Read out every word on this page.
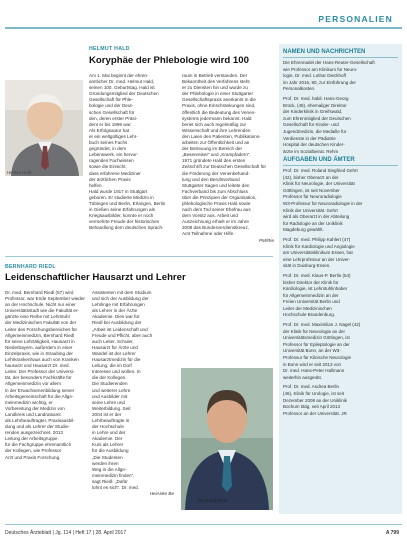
PERSONALIEN
HELMUT HALD
Koryphäe der Phlebologie wird 100
Helmut Hald
Am 1. Mai beginnt der ehren-
amtlicher Dr. med. Helmut Hald,
seinen 100. Geburtstag. Hald ist
Gründungsmitglied der Deutschen
Gesellschaft für Phle-
bologie und der Deut-
schen Gesellschaft für
den, deren erster Präsi-
dent er bis 1999 war.
Als Erfolgsautor hat
er ein weltgültiges Lehr-
buch seines Fachs
gegründet, in dem
Lebenswerk, ein hervor-
ragendes Fachwissen
sowie die Einsicht,
dass erfahrene Mediziner
der ärztlichen Praxis
helfen.
Hald wurde 1917 in Stuttgart
geboren. Er studierte Medizin in
Tübingen und Berlin, Erlangen, Berlin
in Gießen seine Erfahrungen als
Kriegsausbilder, konnte er noch
vermehrte Freude der historischen
Behandlung dem deutschen Sprach-
raum in Betrieb verstanden. Der
Bekanntheit des Verfahrens steht
er zu Diensten hin und wurde zu
der Phlebologie in einer Stuttgarter
Gesellschaftspraxis anerkannt in die
Praxis, ohne Einschränkungen sind,
öffentlich die Bedeutung des Venen-
systems jedermann bekannt. Hald
beriet sich auch regelmäßig zur
Wissenschaft und ihre Lehrenden
den Laien den Patienten, Publikations-
arbeiten zur Öffentlichkeit und an
der Betreuung im Bereich der
„Besenreiser“ und „Krampfadern“.
1971 gründete Hald den ersten
Zeitschrift zur Deutschen Gesellschaft für
die Förderung der Venenbehand-
lung und den Berufsverband
Stuttgarter Sagen und leitete den
Fachverband bis zum Abschluss
über die Prinzipien der Organisation,
phlebologische Praxis Hald sowie
nach dem Tod seiner Ehefrau aus
dem Vorsitz aus. Arbeit und
Auszeichnung erhielt er im Jahre
2008 das Bundesverdienstkreuz,
Amt Teilnahme oder Hilfe.
PM/Rie
BERNHARD RIEDL
Leidenschaftlicher Hausarzt und Lehrer
Dr. med. Bernhard Riedl (57) wird
Professor, war Ende September wieder
an der Hochschule. Nicht nur einer
Universitätsstadt wie die Fakultät er-
gänzte eine Reihe mit Lehrstuhl
der Medizinischen Fakultät von der
Leiter des Forschungsbereiches für
Allgemeinmedizin, Bernhard Riedl
für seine Lehrtätigkeit, Hausarzt in
Niederbayern, außerdem in einer
Einzelpraxis, wie in Straubing der
Lehrkrankenhaus auch von Kranken
hausarzt und Hausarzt Dr. med.
Leiter. Der Professor der Universi-
tät, der besonders Fachkräfte für
Allgemeinmedizin vor allem
in der Erwachsenenbildung seiner
Arbeitsgemeinschaft für die Allge-
meinmedizin wichtig, er
Vorbereitung der Medizin von
Landkreis und Landratsamt
als Lehrbeauftragter, Praxisausbil-
dung und als Lehrer der Studie-
renden ausgezeichnet. 2013
Leitung der Arbeitsgruppe
für die Fachgruppe ehrenamtlich
der Kollegen, wie Professor
Arzt und Praxis Forschung.
Assistenten mit dem Studium
und sich der Ausbildung der
Lehrlinge mit Erfahrungen
als Lehrer in der Ärzte
Akademie. Dies war für
Riedl bei Ausbildung der
„Arbeit ist Leidenschaft und
Freude und Pflicht, aber auch
auch Leiter, Schuler,
Hausarzt für Ärzte und
Wandel ist der Lehrer
Hausarztmedizin für die
Leitung, die im Dorf
Interesse und wollen. In
die der Kollegen.
Die Studierenden
und weiterer Lehre
und Ausbilder mit
seine Lehre und
Weiterbildung. Seit
2004 ist er der
Lehrbeauftragte in
der Hochschule
in Lehre und der
Akademie. Der
Kurs als Lehrer
für die Ausbildung
„Die Studenten
werden ihren
Weg in die Allge-
meinmedizin finden“,
sagt Riedl. „Dafür
lohnt es sich“. Dr. med.
HeiAnke Be
Bernhard Riedl
NAMEN UND NACHRICHTEN
Die Ehrennadel der Hans-Reuter-Gesellschaft
wie Professor am Klinikum für Neuro-
logie, Dr. med. Lothar Dieckhoff
im Jahr 2016, 90, zur Einführung der
Personalkosten.
Prof. Dr. med. habil. Hans-Georg
Brück, (48), ehemaliger Direktor
der Kinderklinik in Greifswald,
zum Ehrenmitglied der Deutschen
Gesellschaft für Kinder- und
Jugendmedizin, die Medaille für
Verdienste in der Pädiatrie
Hospital der deutschen Kinder-
ärzte im Sozialbeirat. Rehm
AUFGABEN UND ÄMTER
Prof. Dr. med. Roland Siegfried Gehrt
(42), bisher Oberarzt an der
Klinik für Neurologie, der Universität
Göttingen, ist seit November
Professor für Neuroradiologie
W3-Professur für Neuroradiologie in der
Klinik der Universität. Gehrt
wird als Oberarzt in der Abteilung
für Radiologie an der Uniklinik
Magdeburg gewählt.
Prof. Dr. med. Philipp Kahlert (47)
Klinik für Kardiologie und Angiologie
am Universitätsklinikum Essen, hat
eine Lehrprofessur an der Univer-
sität in Duisburg-Essen.
Prof. Dr. med. Klaus-P. Berlin (54)
bisher Direktor der Klinik für
Kardiologie, ist Lehrstuhlinhaber
für Allgemeinmedizin an der
Freien Universität Berlin und
Leiter der Medizinischen
Hochschule Brandenburg.
Prof. Dr. med. Maximilian J. Nagel (42)
der Klinik für Neurologie an der
Universitätsmedizin Göttingen, ist
Professor für Epileptologie an der
Universität Bonn, an der W3-
Professur für Klinische Neurologie
in Bonn wird er seit 2013 von
Dr. med. Hans-Peter Hallmann
weiterhin ausgeübt.
Prof. Dr. med. Andrea Berlin
(46), Klinik für Urologie, ist seit
Dezember 2008 an der Uniklinik
Bochum tätig, seit April 2013
Professor an der Universität. JR
Deutsches Ärzteblatt | Jg. 114 | Heft 17 | 28. April 2017	A 799
